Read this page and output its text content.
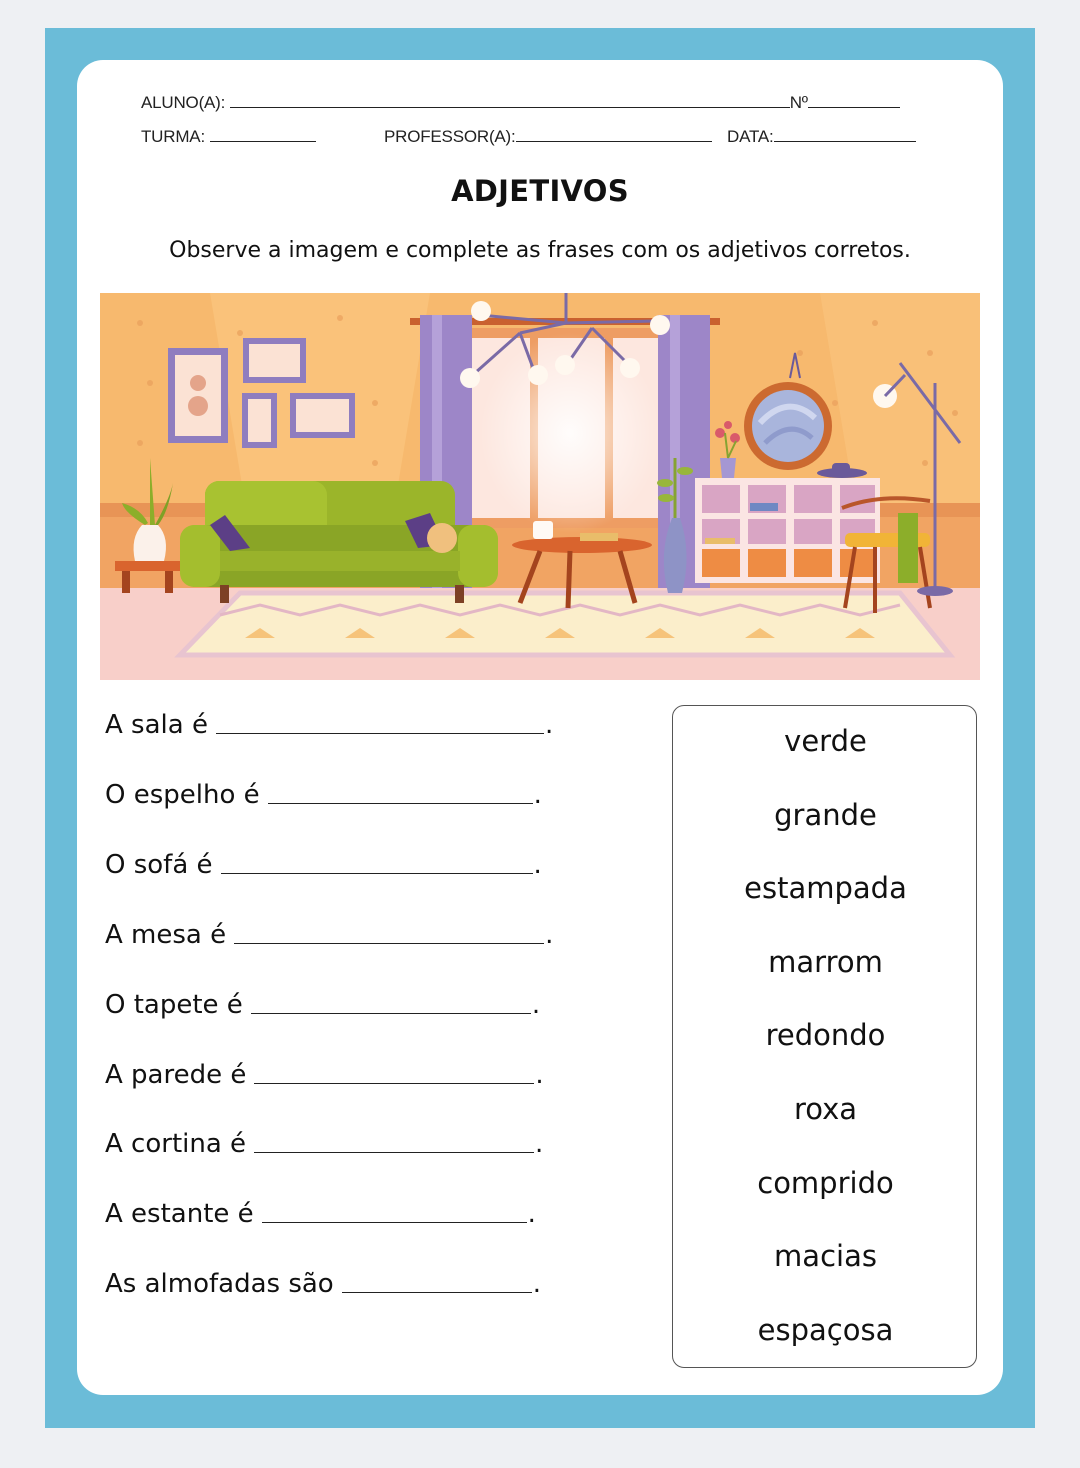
ALUNO(A):	Nº
TURMA:	PROFESSOR(A):	DATA:
ADJETIVOS
Observe a imagem e complete as frases com os adjetivos corretos.
A sala é	.
O espelho é	.
O sofá é	.
A mesa é	.
O tapete é	.
A parede é	.
A cortina é	.
A estante é	.
As almofadas são	.
verde
grande
estampada
marrom
redondo
roxa
comprido
macias
espaçosa
